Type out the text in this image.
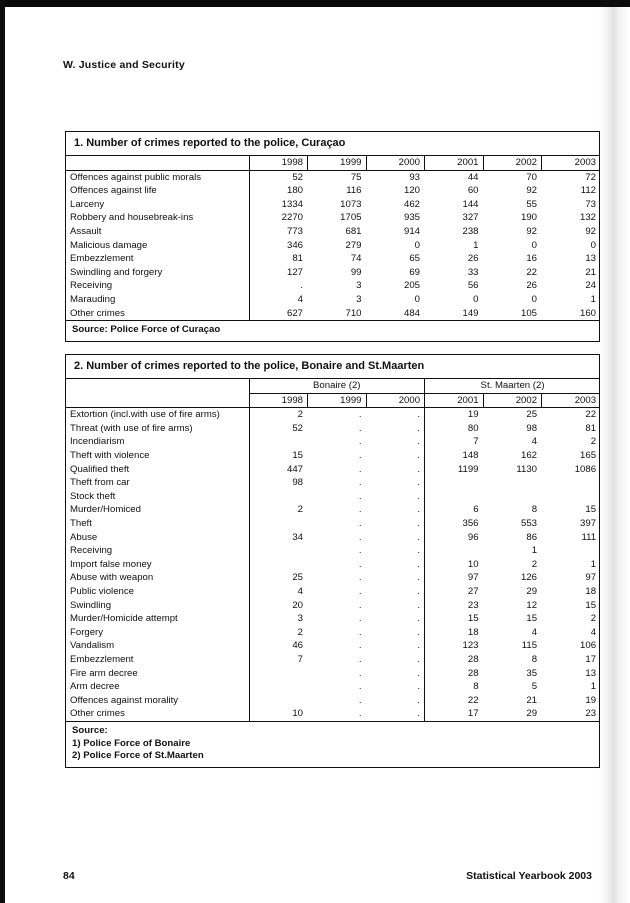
W. Justice and Security
1. Number of crimes reported to the police, Curaçao
	1998	1999	2000	2001	2002	2003
Offences against public morals	52	75	93	44	70	72
Offences against life	180	116	120	60	92	112
Larceny	1334	1073	462	144	55	73
Robbery and housebreak-ins	2270	1705	935	327	190	132
Assault	773	681	914	238	92	92
Malicious damage	346	279	0	1	0	0
Embezzlement	81	74	65	26	16	13
Swindling and forgery	127	99	69	33	22	21
Receiving	.	3	205	56	26	24
Marauding	4	3	0	0	0	1
Other crimes	627	710	484	149	105	160
Source: Police Force of Curaçao
2. Number of crimes reported to the police, Bonaire and St.Maarten
	Bonaire (2)			St. Maarten (2)		
	1998	1999	2000	2001	2002	2003
Extortion (incl.with use of fire arms)	2	.	.	19	25	22
Threat (with use of fire arms)	52	.	.	80	98	81
Incendiarism		.	.	7	4	2
Theft with violence	15	.	.	148	162	165
Qualified theft	447	.	.	1199	1130	1086
Theft from car	98	.	.			
Stock theft		.	.			
Murder/Homiced	2	.	.	6	8	15
Theft		.	.	356	553	397
Abuse	34	.	.	96	86	111
Receiving		.	.		1	
Import false money		.	.	10	2	1
Abuse with weapon	25	.	.	97	126	97
Public violence	4	.	.	27	29	18
Swindling	20	.	.	23	12	15
Murder/Homicide attempt	3	.	.	15	15	2
Forgery	2	.	.	18	4	4
Vandalism	46	.	.	123	115	106
Embezzlement	7	.	.	28	8	17
Fire arm decree		.	.	28	35	13
Arm decree		.	.	8	5	1
Offences against morality		.	.	22	21	19
Other crimes	10	.	.	17	29	23
Source:
1) Police Force of Bonaire
2) Police Force of St.Maarten
84	Statistical Yearbook 2003
